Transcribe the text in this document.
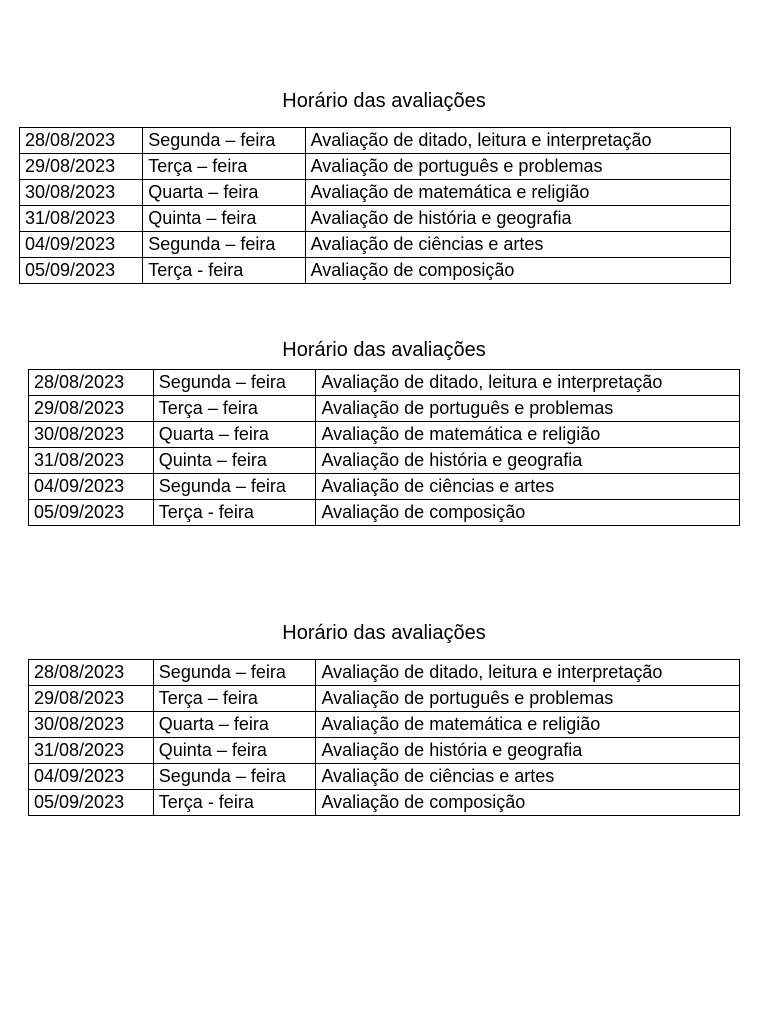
Horário das avaliações
28/08/2023	Segunda – feira	Avaliação de ditado, leitura e interpretação
29/08/2023	Terça – feira	Avaliação de português e problemas
30/08/2023	Quarta – feira	Avaliação de matemática e religião
31/08/2023	Quinta – feira	Avaliação de história e geografia
04/09/2023	Segunda – feira	Avaliação de ciências e artes
05/09/2023	Terça - feira	Avaliação de composição
Horário das avaliações
28/08/2023	Segunda – feira	Avaliação de ditado, leitura e interpretação
29/08/2023	Terça – feira	Avaliação de português e problemas
30/08/2023	Quarta – feira	Avaliação de matemática e religião
31/08/2023	Quinta – feira	Avaliação de história e geografia
04/09/2023	Segunda – feira	Avaliação de ciências e artes
05/09/2023	Terça - feira	Avaliação de composição
Horário das avaliações
28/08/2023	Segunda – feira	Avaliação de ditado, leitura e interpretação
29/08/2023	Terça – feira	Avaliação de português e problemas
30/08/2023	Quarta – feira	Avaliação de matemática e religião
31/08/2023	Quinta – feira	Avaliação de história e geografia
04/09/2023	Segunda – feira	Avaliação de ciências e artes
05/09/2023	Terça - feira	Avaliação de composição
